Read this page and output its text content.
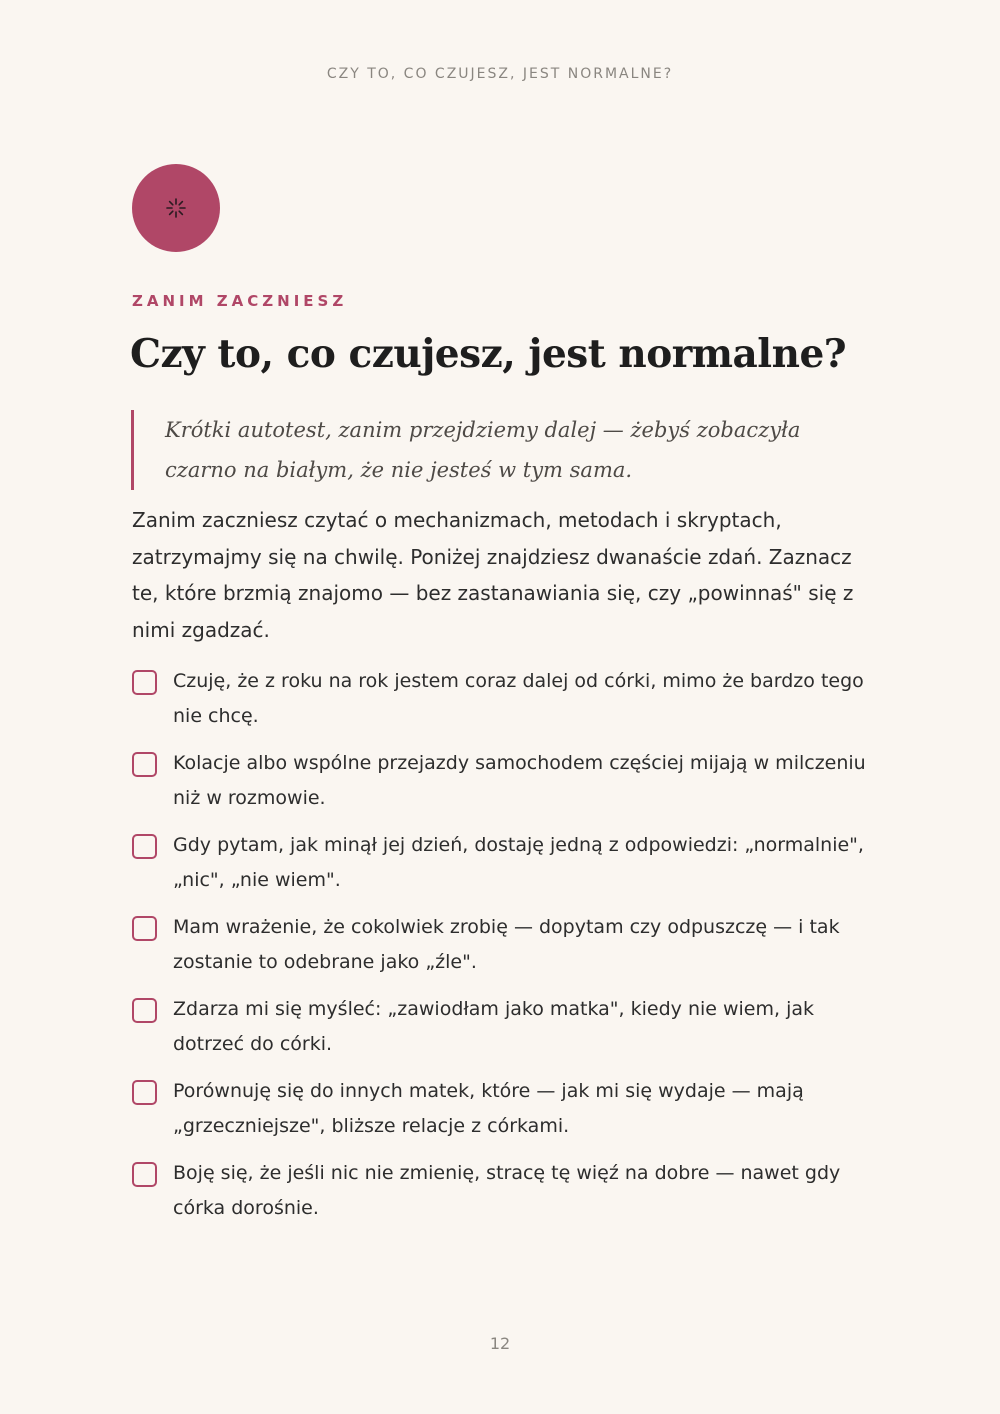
CZY TO, CO CZUJESZ, JEST NORMALNE?
ZANIM ZACZNIESZ
Czy to, co czujesz, jest normalne?
Krótki autotest, zanim przejdziemy dalej — żebyś zobaczyła czarno na białym, że nie jesteś w tym sama.

Zanim zaczniesz czytać o mechanizmach, metodach i skryptach, zatrzymajmy się na chwilę. Poniżej znajdziesz dwanaście zdań. Zaznacz te, które brzmią znajomo — bez zastanawiania się, czy „powinnaś" się z nimi zgadzać.

Czuję, że z roku na rok jestem coraz dalej od córki, mimo że bardzo tego nie chcę.
Kolacje albo wspólne przejazdy samochodem częściej mijają w milczeniu niż w rozmowie.
Gdy pytam, jak minął jej dzień, dostaję jedną z odpowiedzi: „normalnie", „nic", „nie wiem".
Mam wrażenie, że cokolwiek zrobię — dopytam czy odpuszczę — i tak zostanie to odebrane jako „źle".
Zdarza mi się myśleć: „zawiodłam jako matka", kiedy nie wiem, jak dotrzeć do córki.
Porównuję się do innych matek, które — jak mi się wydaje — mają „grzeczniejsze", bliższe relacje z córkami.
Boję się, że jeśli nic nie zmienię, stracę tę więź na dobre — nawet gdy córka dorośnie.
12
